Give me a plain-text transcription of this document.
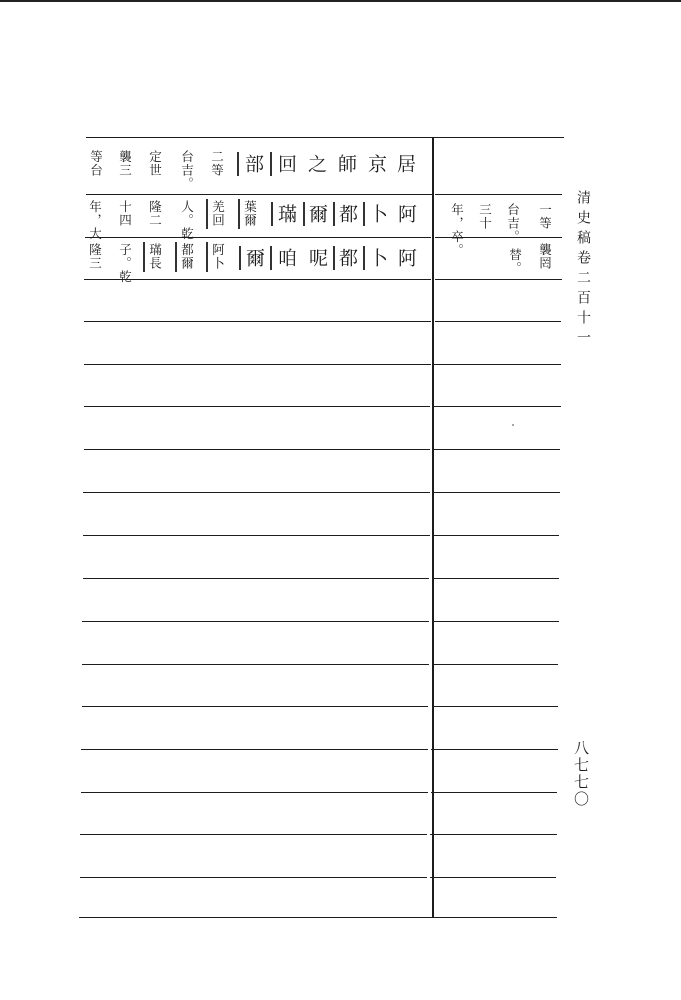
清史稿卷二百十一
八七七〇
居
京
師
之
回
部
二等
台吉。
定世
襲三
等台
一等
台吉。
三十
年，卒。
阿
卜
都
爾
璊
葉爾
羌回
人。乾
隆二
十四
年，大
襲罔
替。
阿
卜
都
呢
咱
爾
阿卜
都爾
璊長
子。乾
隆三
